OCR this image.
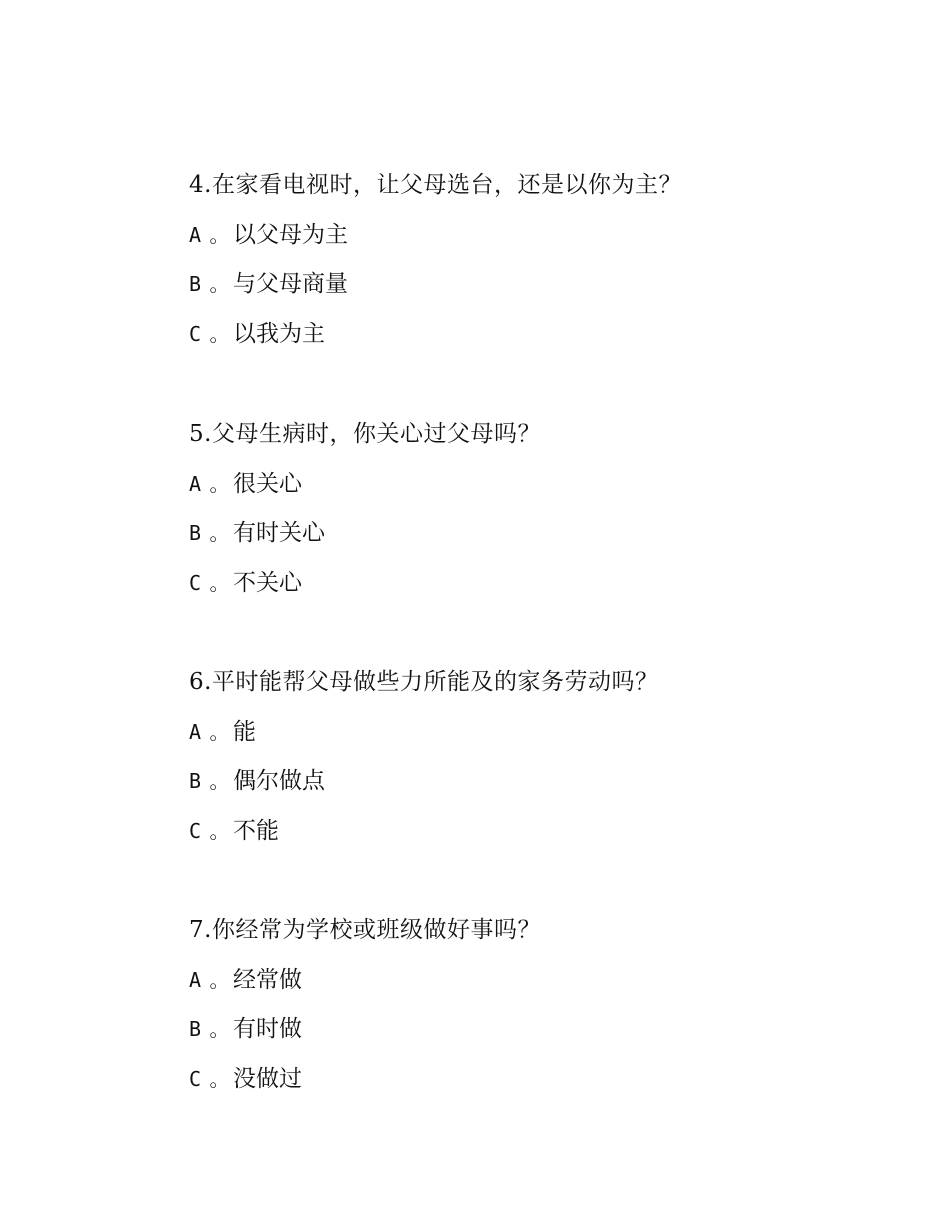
4.在家看电视时，让父母选台，还是以你为主？
A 。 以父母为主
B 。 与父母商量
C 。 以我为主
5.父母生病时，你关心过父母吗？
A 。 很关心
B 。 有时关心
C 。 不关心
6.平时能帮父母做些力所能及的家务劳动吗？
A 。 能
B 。 偶尔做点
C 。 不能
7.你经常为学校或班级做好事吗？
A 。 经常做
B 。 有时做
C 。 没做过
